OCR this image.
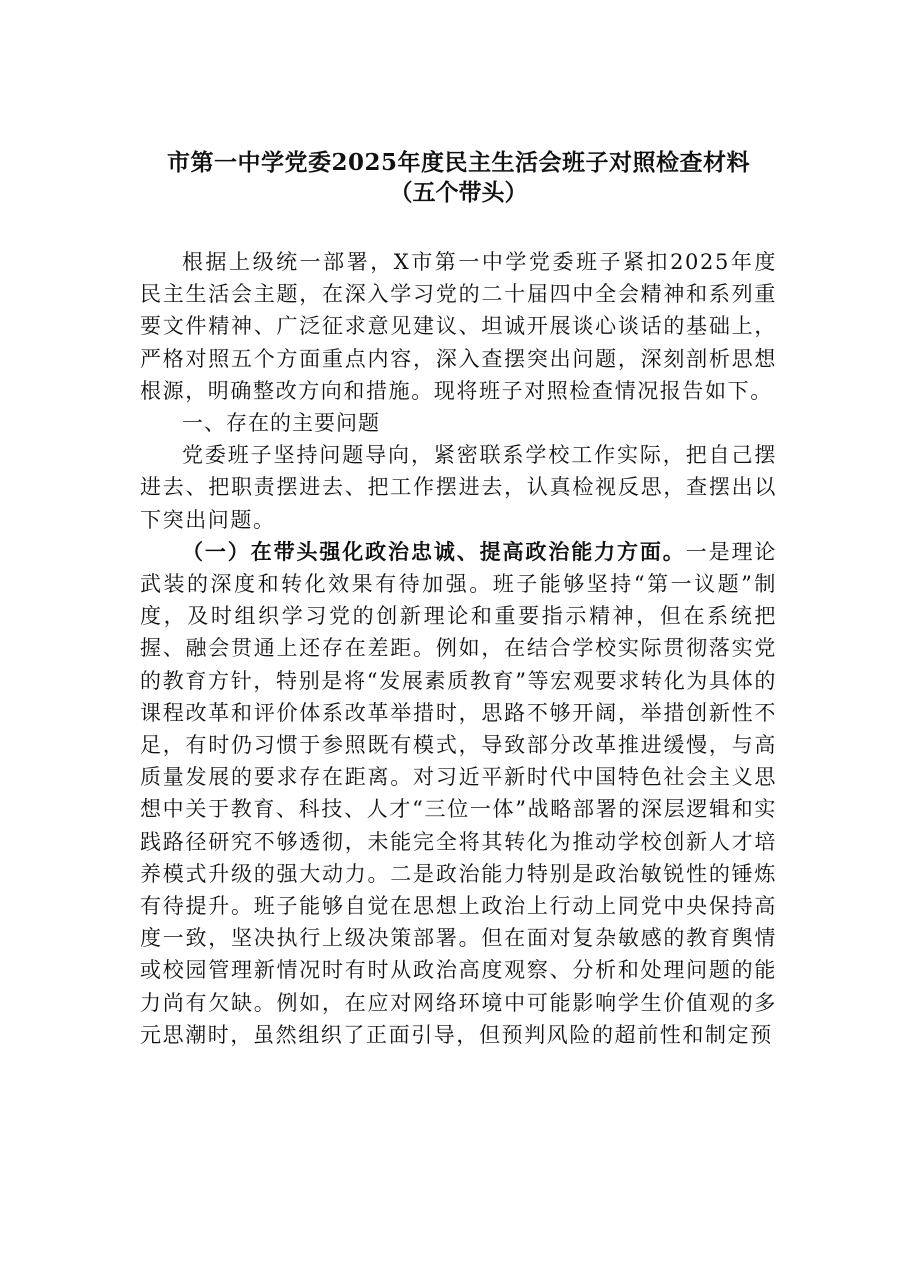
市第一中学党委2025年度民主生活会班子对照检查材料
（五个带头）

根据上级统一部署，X市第一中学党委班子紧扣2025年度民主生活会主题，在深入学习党的二十届四中全会精神和系列重要文件精神、广泛征求意见建议、坦诚开展谈心谈话的基础上，严格对照五个方面重点内容，深入查摆突出问题，深刻剖析思想根源，明确整改方向和措施。现将班子对照检查情况报告如下。

一、存在的主要问题

党委班子坚持问题导向，紧密联系学校工作实际，把自己摆进去、把职责摆进去、把工作摆进去，认真检视反思，查摆出以下突出问题。

（一）在带头强化政治忠诚、提高政治能力方面。一是理论武装的深度和转化效果有待加强。班子能够坚持“第一议题”制度，及时组织学习党的创新理论和重要指示精神，但在系统把握、融会贯通上还存在差距。例如，在结合学校实际贯彻落实党的教育方针，特别是将“发展素质教育”等宏观要求转化为具体的课程改革和评价体系改革举措时，思路不够开阔，举措创新性不足，有时仍习惯于参照既有模式，导致部分改革推进缓慢，与高质量发展的要求存在距离。对习近平新时代中国特色社会主义思想中关于教育、科技、人才“三位一体”战略部署的深层逻辑和实践路径研究不够透彻，未能完全将其转化为推动学校创新人才培养模式升级的强大动力。二是政治能力特别是政治敏锐性的锤炼有待提升。班子能够自觉在思想上政治上行动上同党中央保持高度一致，坚决执行上级决策部署。但在面对复杂敏感的教育舆情或校园管理新情况时有时从政治高度观察、分析和处理问题的能力尚有欠缺。例如，在应对网络环境中可能影响学生价值观的多元思潮时，虽然组织了正面引导，但预判风险的超前性和制定预
